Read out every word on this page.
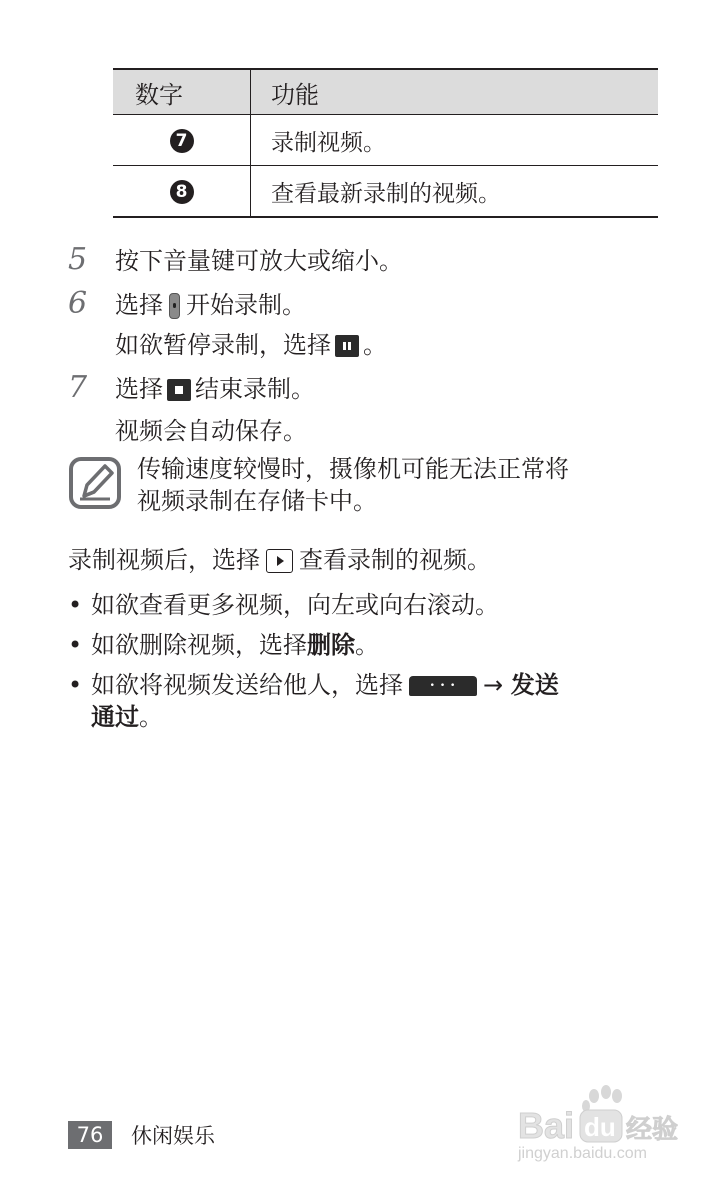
数字	功能
7	录制视频。
8	查看最新录制的视频。
5 按下音量键可放大或缩小。
6 选择 开始录制。
如欲暂停录制，选择 。
7 选择 结束录制。
视频会自动保存。
传输速度较慢时，摄像机可能无法正常将
视频录制在存储卡中。
录制视频后，选择 查看录制的视频。
• 如欲查看更多视频，向左或向右滚动。
• 如欲删除视频，选择删除。
• 如欲将视频发送给他人，选择 • • •	→ 发送
通过。
76	休闲娱乐	Bai du 经验
jingyan.baidu.com
